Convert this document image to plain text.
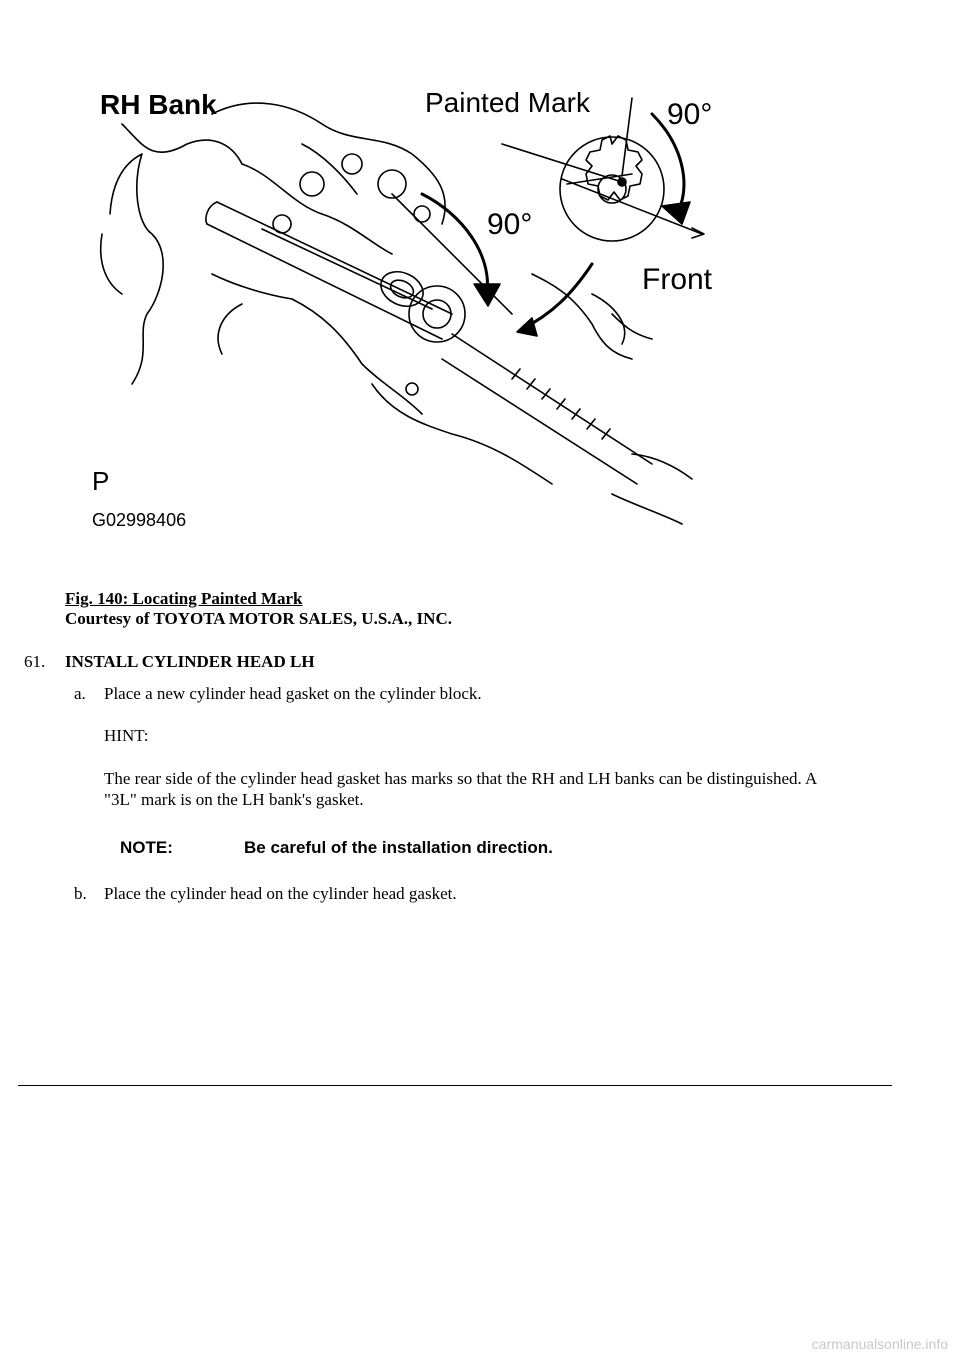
RH Bank	Painted Mark	90°
90°
Front
P
G02998406
Fig. 140: Locating Painted Mark
Courtesy of TOYOTA MOTOR SALES, U.S.A., INC.
61. INSTALL CYLINDER HEAD LH
a. Place a new cylinder head gasket on the cylinder block.
HINT:
The rear side of the cylinder head gasket has marks so that the RH and LH banks can be distinguished. A "3L" mark is on the LH bank's gasket.
NOTE:	Be careful of the installation direction.
b. Place the cylinder head on the cylinder head gasket.
carmanualsonline.info
